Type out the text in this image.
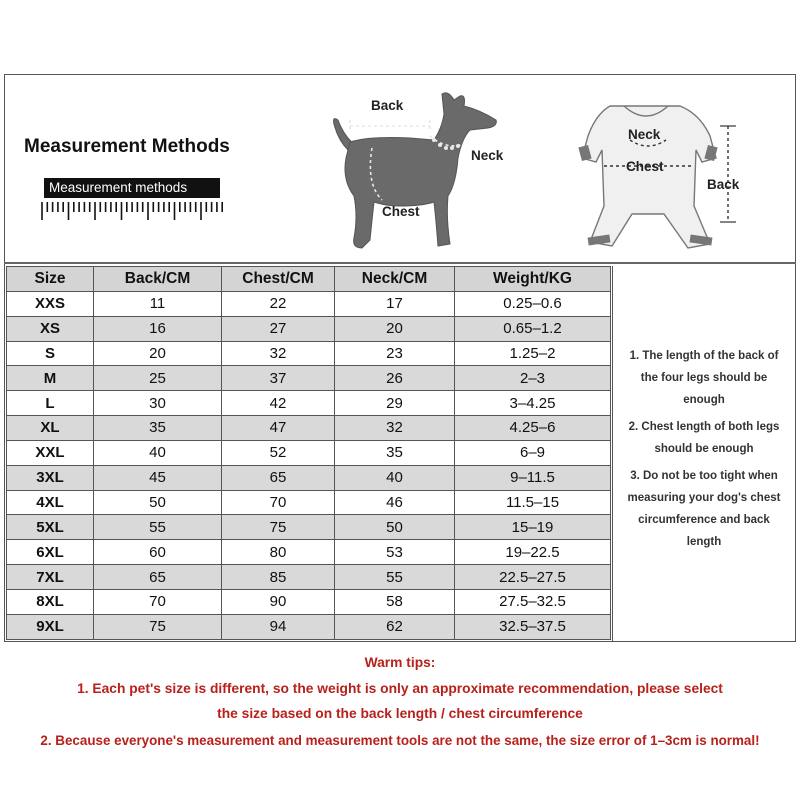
Measurement Methods
Measurement methods
Back
Neck
Chest
Neck
Chest
Back
Size	Back/CM	Chest/CM	Neck/CM	Weight/KG
XXS	11	22	17	0.25–0.6
XS	16	27	20	0.65–1.2
S	20	32	23	1.25–2
M	25	37	26	2–3
L	30	42	29	3–4.25
XL	35	47	32	4.25–6
XXL	40	52	35	6–9
3XL	45	65	40	9–11.5
4XL	50	70	46	11.5–15
5XL	55	75	50	15–19
6XL	60	80	53	19–22.5
7XL	65	85	55	22.5–27.5
8XL	70	90	58	27.5–32.5
9XL	75	94	62	32.5–37.5
1. The length of the back of
the four legs should be
enough
2. Chest length of both legs
should be enough
3. Do not be too tight when
measuring your dog's chest
circumference and back
length
Warm tips:
1. Each pet's size is different, so the weight is only an approximate recommendation, please select
the size based on the back length / chest circumference
2. Because everyone's measurement and measurement tools are not the same, the size error of 1–3cm is normal!
